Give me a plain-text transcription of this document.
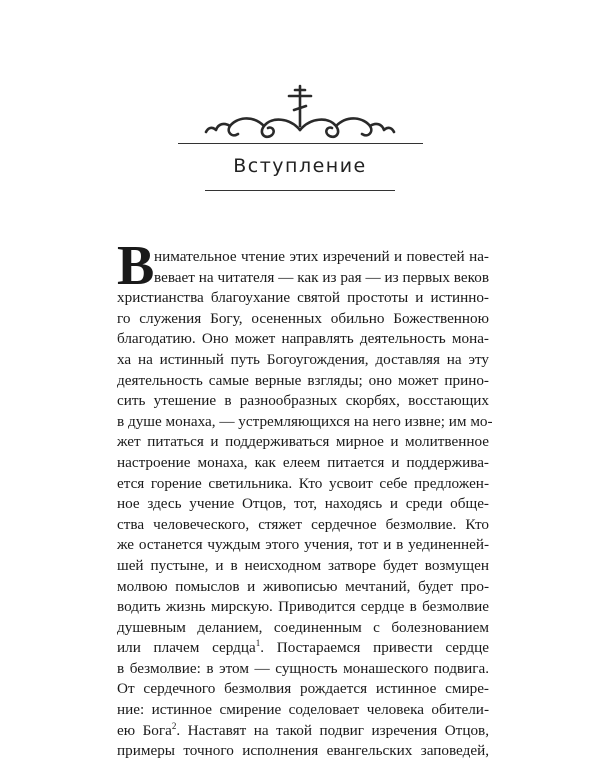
Вступление
В нимательное чтение этих изречений и повестей на-
вевает на читателя — как из рая — из первых веков
христианства благоухание святой простоты и истинно-
го служения Богу, осененных обильно Божественною
благодатию. Оно может направлять деятельность мона-
ха на истинный путь Богоугождения, доставляя на эту
деятельность самые верные взгляды; оно может прино-
сить утешение в разнообразных скорбях, восстающих
в душе монаха, — устремляющихся на него извне; им мо-
жет питаться и поддерживаться мирное и молитвенное
настроение монаха, как елеем питается и поддержива-
ется горение светильника. Кто усвоит себе предложен-
ное здесь учение Отцов, тот, находясь и среди обще-
ства человеческого, стяжет сердечное безмолвие. Кто
же останется чуждым этого учения, тот и в уединенней-
шей пустыне, и в неисходном затворе будет возмущен
молвою помыслов и живописью мечтаний, будет про-
водить жизнь мирскую. Приводится сердце в безмолвие
душевным деланием, соединенным с болезнованием
или плачем сердца$^1$. Постараемся привести сердце
в безмолвие: в этом — сущность монашеского подвига.
От сердечного безмолвия рождается истинное смире-
ние: истинное смирение соделовает человека обители-
ею Бога$^2$. Наставят на такой подвиг изречения Отцов,
примеры точного исполнения евангельских заповедей,
